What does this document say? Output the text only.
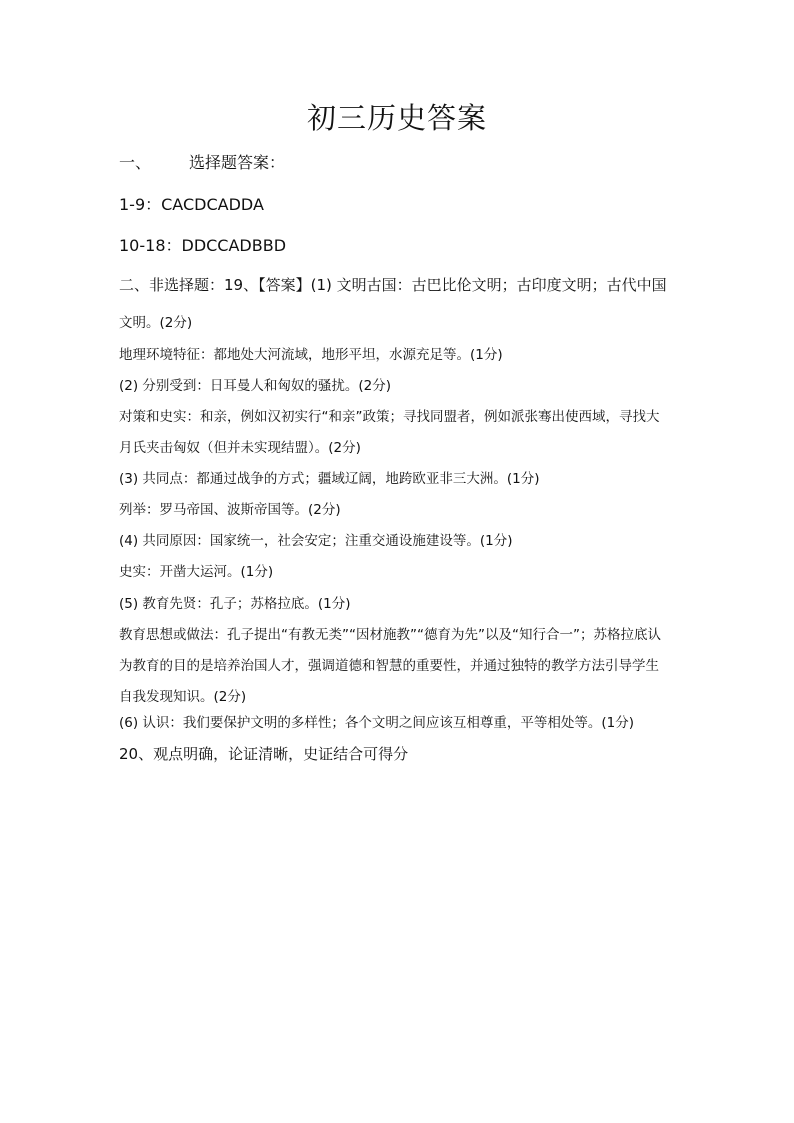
初三历史答案
一、 选择题答案：
1-9：CACDCADDA
10-18：DDCCADBBD
二、非选择题：19、【答案】(1) 文明古国：古巴比伦文明；古印度文明；古代中国
文明。(2分)
地理环境特征：都地处大河流域，地形平坦，水源充足等。(1分)
(2) 分别受到：日耳曼人和匈奴的骚扰。(2分)
对策和史实：和亲，例如汉初实行“和亲”政策；寻找同盟者，例如派张骞出使西域，寻找大
月氏夹击匈奴（但并未实现结盟）。(2分)
(3) 共同点：都通过战争的方式；疆域辽阔，地跨欧亚非三大洲。(1分)
列举：罗马帝国、波斯帝国等。(2分)
(4) 共同原因：国家统一，社会安定；注重交通设施建设等。(1分)
史实：开凿大运河。(1分)
(5) 教育先贤：孔子；苏格拉底。(1分)
教育思想或做法：孔子提出“有教无类”“因材施教”“德育为先”以及“知行合一”；苏格拉底认
为教育的目的是培养治国人才，强调道德和智慧的重要性，并通过独特的教学方法引导学生
自我发现知识。(2分)
(6) 认识：我们要保护文明的多样性；各个文明之间应该互相尊重，平等相处等。(1分)
20、观点明确，论证清晰，史证结合可得分
